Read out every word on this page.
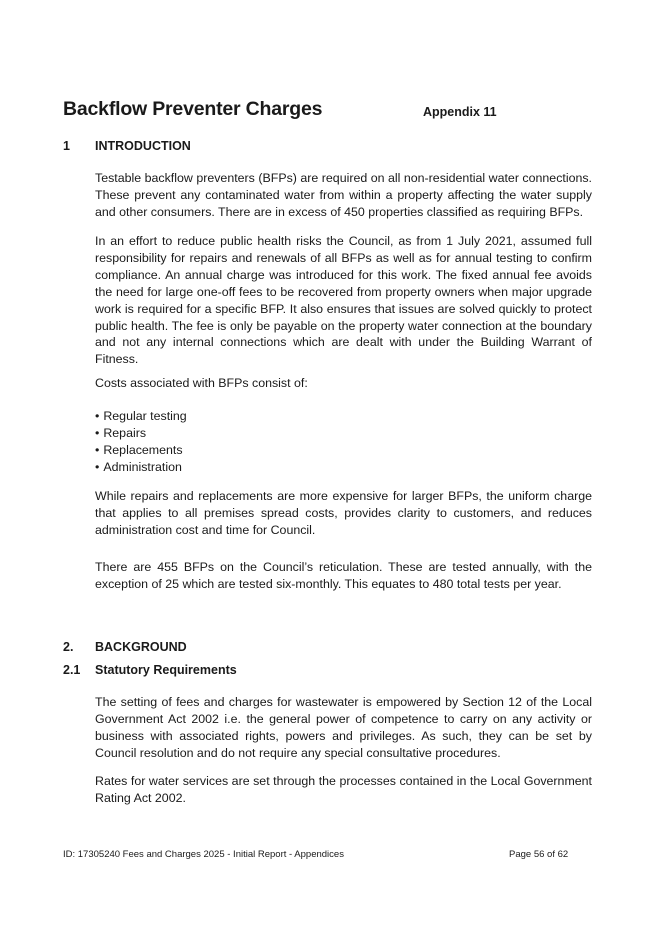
Backflow Preventer Charges	Appendix 11
1 INTRODUCTION

Testable backflow preventers (BFPs) are required on all non-residential water connections. These prevent any contaminated water from within a property affecting the water supply and other consumers. There are in excess of 450 properties classified as requiring BFPs.

In an effort to reduce public health risks the Council, as from 1 July 2021, assumed full responsibility for repairs and renewals of all BFPs as well as for annual testing to confirm compliance. An annual charge was introduced for this work. The fixed annual fee avoids the need for large one-off fees to be recovered from property owners when major upgrade work is required for a specific BFP. It also ensures that issues are solved quickly to protect public health. The fee is only be payable on the property water connection at the boundary and not any internal connections which are dealt with under the Building Warrant of Fitness.

Costs associated with BFPs consist of:

• Regular testing
• Repairs
• Replacements
• Administration

While repairs and replacements are more expensive for larger BFPs, the uniform charge that applies to all premises spread costs, provides clarity to customers, and reduces administration cost and time for Council.

There are 455 BFPs on the Council’s reticulation. These are tested annually, with the exception of 25 which are tested six-monthly. This equates to 480 total tests per year.

2. BACKGROUND
2.1 Statutory Requirements

The setting of fees and charges for wastewater is empowered by Section 12 of the Local Government Act 2002 i.e. the general power of competence to carry on any activity or business with associated rights, powers and privileges. As such, they can be set by Council resolution and do not require any special consultative procedures.

Rates for water services are set through the processes contained in the Local Government Rating Act 2002.

ID: 17305240 Fees and Charges 2025 - Initial Report - Appendices	Page 56 of 62
